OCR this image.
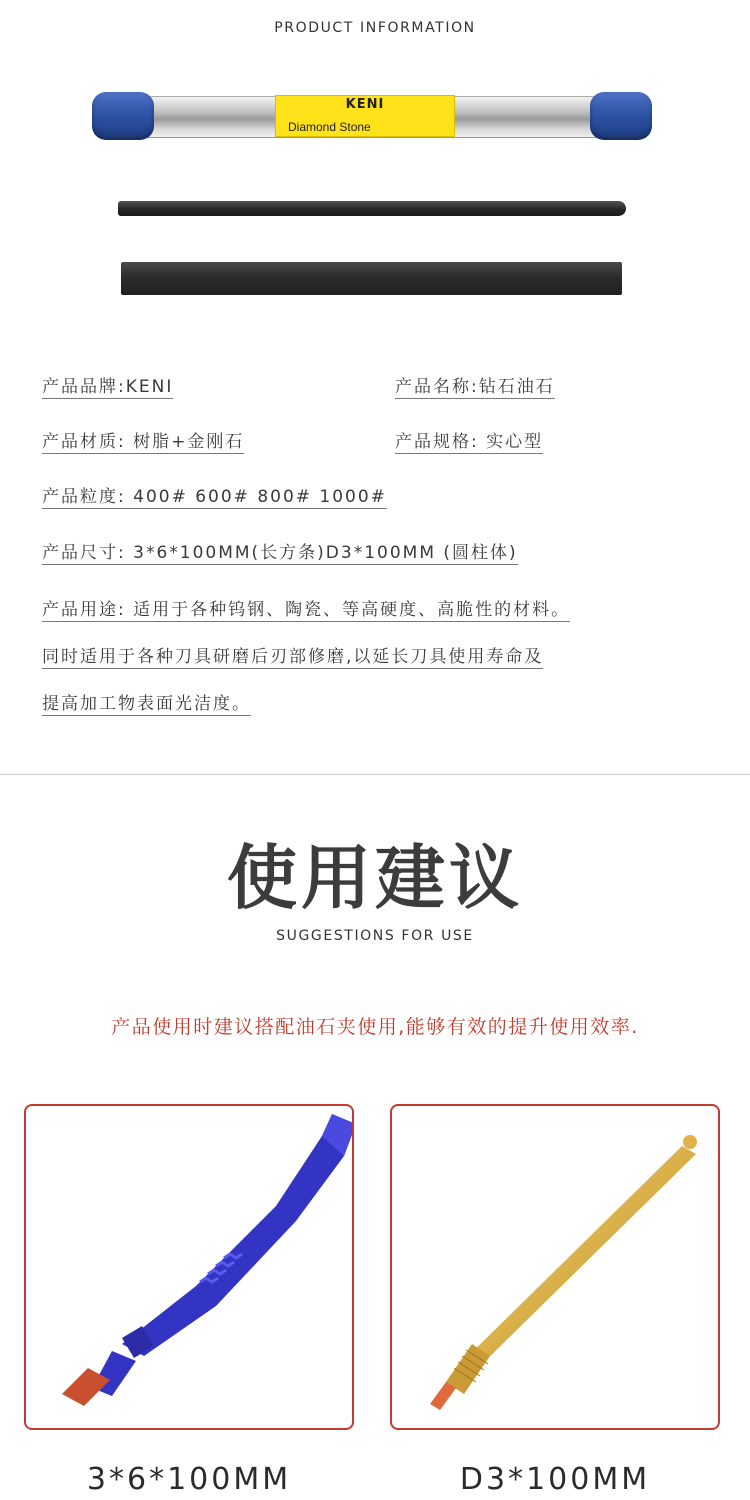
PRODUCT INFORMATION
KENI
Diamond Stone
产品品牌:KENI	产品名称:钻石油石
产品材质: 树脂+金刚石	产品规格: 实心型
产品粒度: 400# 600# 800# 1000#
产品尺寸: 3*6*100MM(长方条)D3*100MM (圆柱体)
产品用途: 适用于各种钨钢、陶瓷、等高硬度、高脆性的材料。
同时适用于各种刀具研磨后刃部修磨,以延长刀具使用寿命及
提高加工物表面光洁度。
使用建议
SUGGESTIONS FOR USE
产品使用时建议搭配油石夹使用,能够有效的提升使用效率.
3*6*100MM	D3*100MM
